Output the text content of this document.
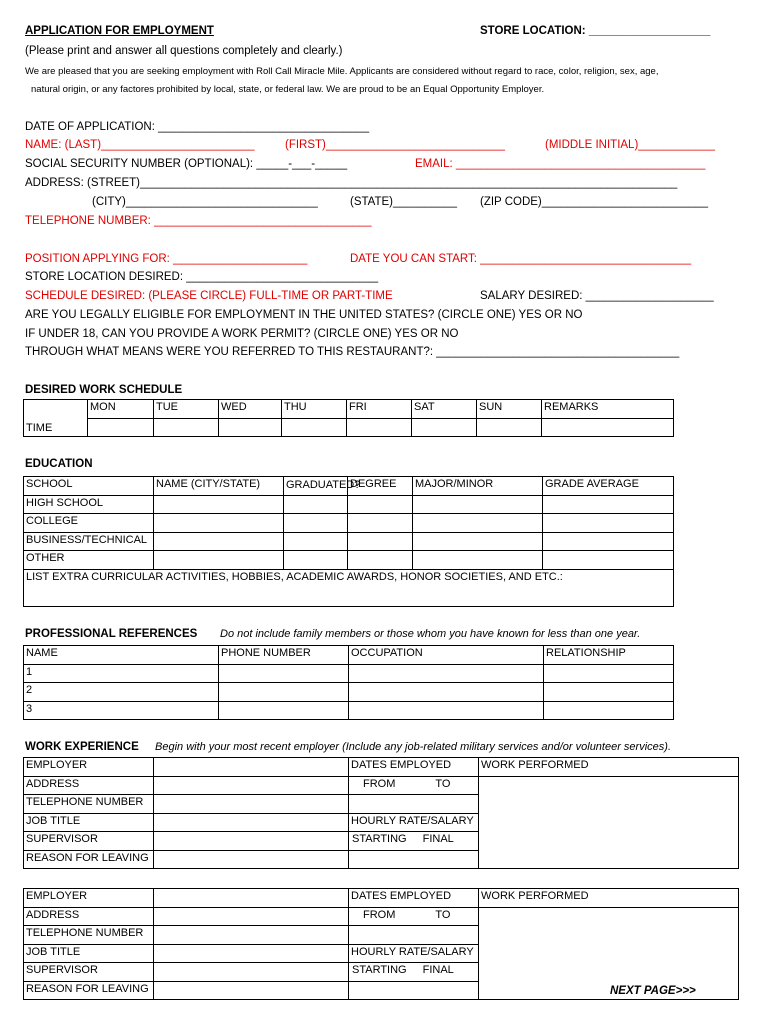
APPLICATION FOR EMPLOYMENT	STORE LOCATION: ___________________
(Please print and answer all questions completely and clearly.)
We are pleased that you are seeking employment with Roll Call Miracle Mile. Applicants are considered without regard to race, color, religion, sex, age,
natural origin, or any factores prohibited by local, state, or federal law. We are proud to be an Equal Opportunity Employer.
DATE OF APPLICATION: _________________________________
NAME: (LAST)________________________	(FIRST)____________________________	(MIDDLE INITIAL)____________
SOCIAL SECURITY NUMBER (OPTIONAL): _____-___-_____	EMAIL: _______________________________________
ADDRESS: (STREET)____________________________________________________________________________________
(CITY)______________________________	(STATE)__________ (ZIP CODE)__________________________
TELEPHONE NUMBER: __________________________________
POSITION APPLYING FOR: _____________________	DATE YOU CAN START: _________________________________
STORE LOCATION DESIRED: ______________________________
SCHEDULE DESIRED: (PLEASE CIRCLE) FULL-TIME OR PART-TIME	SALARY DESIRED: ____________________
ARE YOU LEGALLY ELIGIBLE FOR EMPLOYMENT IN THE UNITED STATES? (CIRCLE ONE) YES OR NO
IF UNDER 18, CAN YOU PROVIDE A WORK PERMIT? (CIRCLE ONE) YES OR NO
THROUGH WHAT MEANS WERE YOU REFERRED TO THIS RESTAURANT?: ______________________________________
DESIRED WORK SCHEDULE
	MON	TUE	WED	THU	FRI	SAT	SUN	REMARKS
TIME								
EDUCATION
SCHOOL	NAME (CITY/STATE)	GRADUATED?	DEGREE	MAJOR/MINOR	GRADE AVERAGE
HIGH SCHOOL					
COLLEGE					
BUSINESS/TECHNICAL					
OTHER					
LIST EXTRA CURRICULAR ACTIVITIES, HOBBIES, ACADEMIC AWARDS, HONOR SOCIETIES, AND ETC.:					
PROFESSIONAL REFERENCES Do not include family members or those whom you have known for less than one year.
NAME	PHONE NUMBER	OCCUPATION	RELATIONSHIP
1			
2			
3			
WORK EXPERIENCE Begin with your most recent employer (Include any job-related military services and/or volunteer services).
EMPLOYER		DATES EMPLOYED	WORK PERFORMED
ADDRESS		FROM TO	
TELEPHONE NUMBER			
JOB TITLE		HOURLY RATE/SALARY	
SUPERVISOR		STARTING FINAL	
REASON FOR LEAVING			
EMPLOYER		DATES EMPLOYED	WORK PERFORMED
ADDRESS		FROM TO	
TELEPHONE NUMBER			
JOB TITLE		HOURLY RATE/SALARY	
SUPERVISOR		STARTING FINAL	
REASON FOR LEAVING				NEXT PAGE>>>
